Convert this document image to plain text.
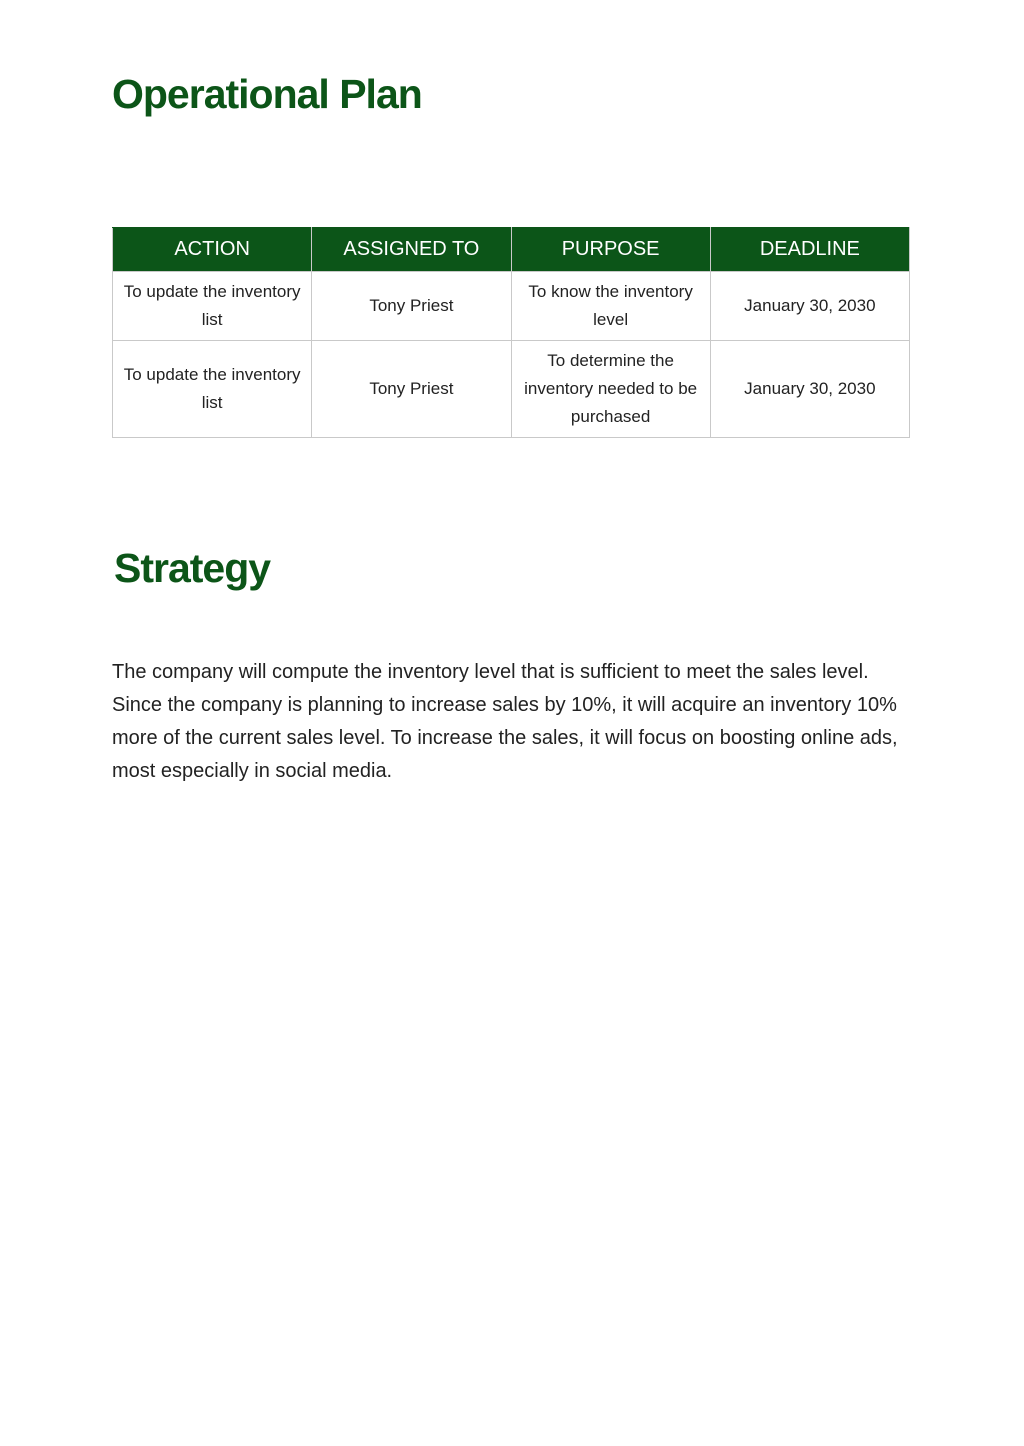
Operational Plan
ACTION	ASSIGNED TO	PURPOSE	DEADLINE
To update the inventory list	Tony Priest	To know the inventory level	January 30, 2030
To update the inventory list	Tony Priest	To determine the inventory needed to be purchased	January 30, 2030
Strategy

The company will compute the inventory level that is sufficient to meet the sales level. Since the company is planning to increase sales by 10%, it will acquire an inventory 10% more of the current sales level. To increase the sales, it will focus on boosting online ads, most especially in social media.
